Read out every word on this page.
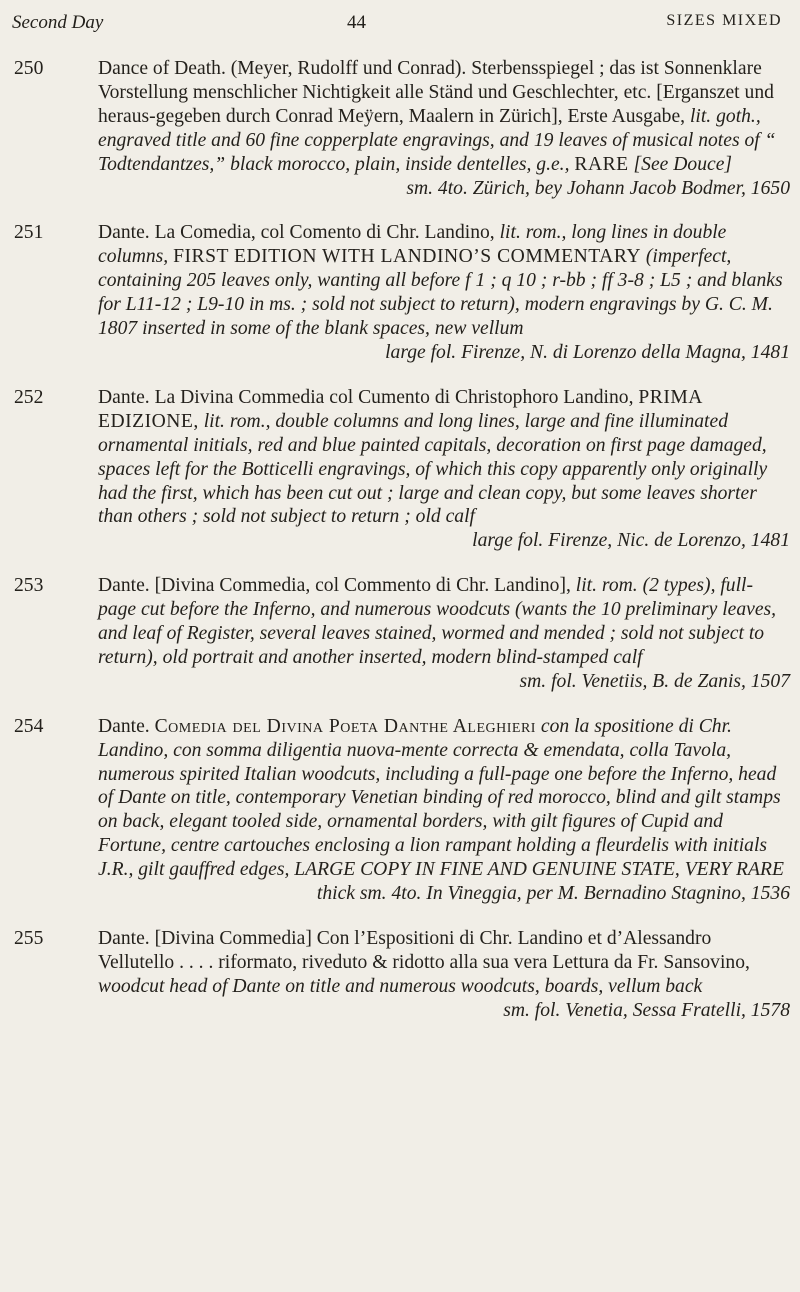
Second Day	44	SIZES MIXED
250	Dance of Death. (Meyer, Rudolff und Conrad). Sterbensspiegel ; das ist Sonnenklare Vorstellung menschlicher Nichtigkeit alle Ständ und Geschlechter, etc. [Erganszet und heraus-gegeben durch Conrad Meÿern, Maalern in Zürich], Erste Ausgabe, lit. goth., engraved title and 60 fine copperplate engravings, and 19 leaves of musical notes of “ Todtendantzes,” black morocco, plain, inside dentelles, g.e., RARE [See Douce]
sm. 4to. Zürich, bey Johann Jacob Bodmer, 1650
251	Dante. La Comedia, col Comento di Chr. Landino, lit. rom., long lines in double columns, FIRST EDITION WITH LANDINO’S COMMENTARY (imperfect, containing 205 leaves only, wanting all before f 1 ; q 10 ; r-bb ; ff 3-8 ; L5 ; and blanks for L11-12 ; L9-10 in ms. ; sold not subject to return), modern engravings by G. C. M. 1807 inserted in some of the blank spaces, new vellum
large fol. Firenze, N. di Lorenzo della Magna, 1481
252	Dante. La Divina Commedia col Cumento di Christophoro Landino, PRIMA EDIZIONE, lit. rom., double columns and long lines, large and fine illuminated ornamental initials, red and blue painted capitals, decoration on first page damaged, spaces left for the Botticelli engravings, of which this copy apparently only originally had the first, which has been cut out ; large and clean copy, but some leaves shorter than others ; sold not subject to return ; old calf
large fol. Firenze, Nic. de Lorenzo, 1481
253	Dante. [Divina Commedia, col Commento di Chr. Landino], lit. rom. (2 types), full-page cut before the Inferno, and numerous woodcuts (wants the 10 preliminary leaves, and leaf of Register, several leaves stained, wormed and mended ; sold not subject to return), old portrait and another inserted, modern blind-stamped calf
sm. fol. Venetiis, B. de Zanis, 1507
254	Dante. Comedia del Divina Poeta Danthe Aleghieri con la spositione di Chr. Landino, con somma diligentia nuova-mente correcta & emendata, colla Tavola, numerous spirited Italian woodcuts, including a full-page one before the Inferno, head of Dante on title, contemporary Venetian binding of red morocco, blind and gilt stamps on back, elegant tooled side, ornamental borders, with gilt figures of Cupid and Fortune, centre cartouches enclosing a lion rampant holding a fleurdelis with initials J.R., gilt gauffred edges, LARGE COPY IN FINE AND GENUINE STATE, VERY RARE
thick sm. 4to. In Vineggia, per M. Bernadino Stagnino, 1536
255	Dante. [Divina Commedia] Con l’Espositioni di Chr. Landino et d’Alessandro Vellutello . . . . riformato, riveduto & ridotto alla sua vera Lettura da Fr. Sansovino, woodcut head of Dante on title and numerous woodcuts, boards, vellum back
sm. fol. Venetia, Sessa Fratelli, 1578
